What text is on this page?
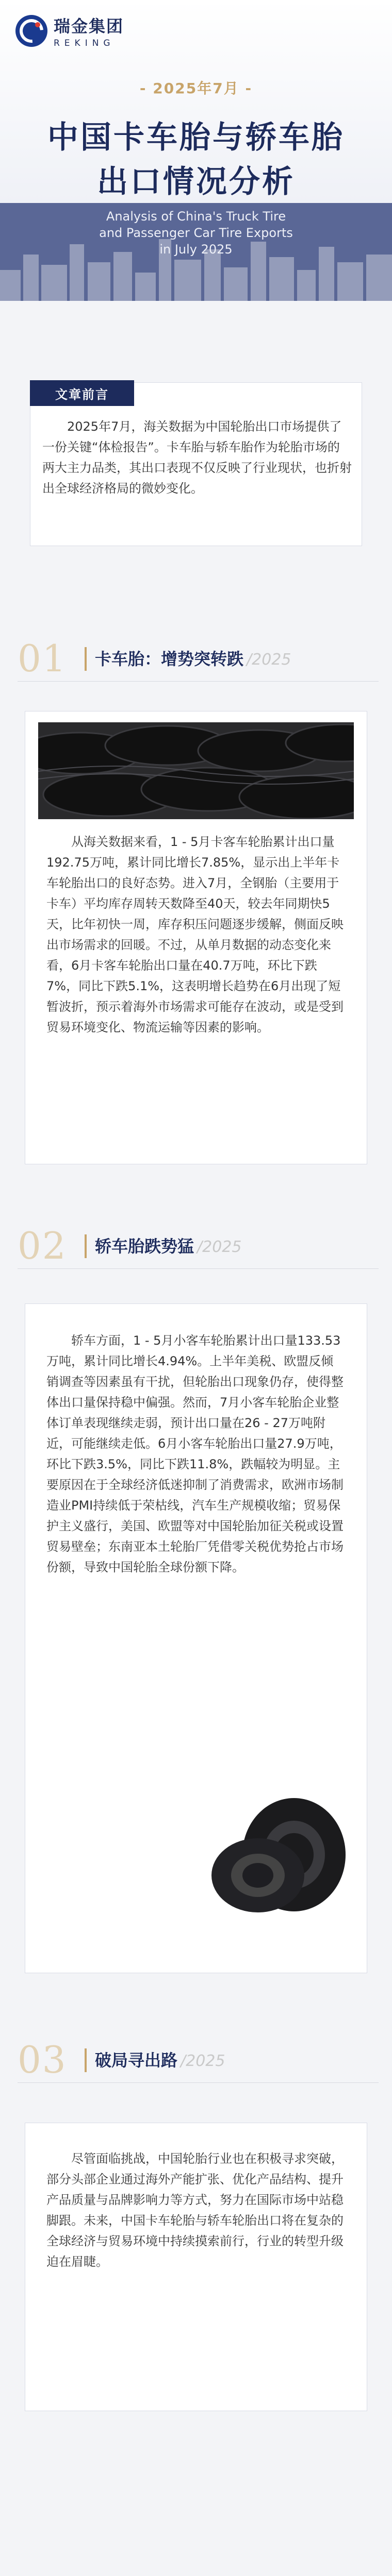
瑞金集团
REKING
- 2025年7月 -
中国卡车胎与轿车胎
出口情况分析
Analysis of China's Truck Tire
and Passenger Car Tire Exports
in July 2025
文章前言
2025年7月，海关数据为中国轮胎出口市场提供了一份关键“体检报告”。卡车胎与轿车胎作为轮胎市场的两大主力品类，其出口表现不仅反映了行业现状，也折射出全球经济格局的微妙变化。
01 卡车胎：增势突转跌 /2025
从海关数据来看，1 - 5月卡客车轮胎累计出口量192.75万吨，累计同比增长7.85%，显示出上半年卡车轮胎出口的良好态势。进入7月，全钢胎（主要用于卡车）平均库存周转天数降至40天，较去年同期快5天，比年初快一周，库存积压问题逐步缓解，侧面反映出市场需求的回暖。不过，从单月数据的动态变化来看，6月卡客车轮胎出口量在40.7万吨，环比下跌7%，同比下跌5.1%，这表明增长趋势在6月出现了短暂波折，预示着海外市场需求可能存在波动，或是受到贸易环境变化、物流运输等因素的影响。
02 轿车胎跌势猛 /2025
轿车方面，1 - 5月小客车轮胎累计出口量133.53万吨，累计同比增长4.94%。上半年美税、欧盟反倾销调查等因素虽有干扰，但轮胎出口现象仍存，使得整体出口量保持稳中偏强。然而，7月小客车轮胎企业整体订单表现继续走弱，预计出口量在26 - 27万吨附近，可能继续走低。6月小客车轮胎出口量27.9万吨，环比下跌3.5%，同比下跌11.8%，跌幅较为明显。主要原因在于全球经济低迷抑制了消费需求，欧洲市场制造业PMI持续低于荣枯线，汽车生产规模收缩；贸易保护主义盛行，美国、欧盟等对中国轮胎加征关税或设置贸易壁垒；东南亚本土轮胎厂凭借零关税优势抢占市场份额，导致中国轮胎全球份额下降。
03 破局寻出路 /2025
尽管面临挑战，中国轮胎行业也在积极寻求突破，部分头部企业通过海外产能扩张、优化产品结构、提升产品质量与品牌影响力等方式，努力在国际市场中站稳脚跟。未来，中国卡车轮胎与轿车轮胎出口将在复杂的全球经济与贸易环境中持续摸索前行，行业的转型升级迫在眉睫。
